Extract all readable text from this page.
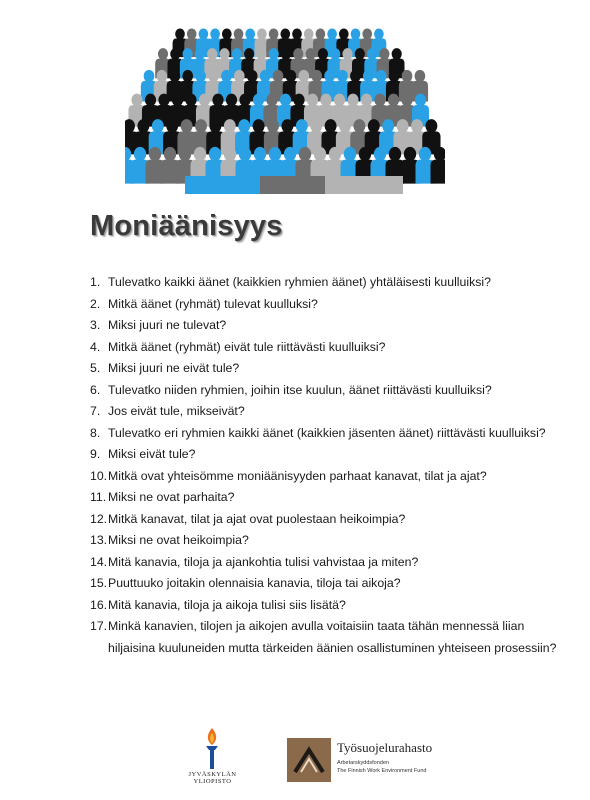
Moniäänisyys
1. Tulevatko kaikki äänet (kaikkien ryhmien äänet) yhtäläisesti kuulluiksi?
2. Mitkä äänet (ryhmät) tulevat kuulluksi?
3. Miksi juuri ne tulevat?
4. Mitkä äänet (ryhmät) eivät tule riittävästi kuulluiksi?
5. Miksi juuri ne eivät tule?
6. Tulevatko niiden ryhmien, joihin itse kuulun, äänet riittävästi kuulluiksi?
7. Jos eivät tule, mikseivät?
8. Tulevatko eri ryhmien kaikki äänet (kaikkien jäsenten äänet) riittävästi kuulluiksi?
9. Miksi eivät tule?
10. Mitkä ovat yhteisömme moniäänisyyden parhaat kanavat, tilat ja ajat?
11. Miksi ne ovat parhaita?
12. Mitkä kanavat, tilat ja ajat ovat puolestaan heikoimpia?
13. Miksi ne ovat heikoimpia?
14. Mitä kanavia, tiloja ja ajankohtia tulisi vahvistaa ja miten?
15. Puuttuuko joitakin olennaisia kanavia, tiloja tai aikoja?
16. Mitä kanavia, tiloja ja aikoja tulisi siis lisätä?
17. Minkä kanavien, tilojen ja aikojen avulla voitaisiin taata tähän mennessä liian hiljaisina kuuluneiden mutta tärkeiden äänien osallistuminen yhteiseen prosessiin?
JYVÄSKYLÄN YLIOPISTO
Työsuojelurahasto
Arbetarskyddsfonden
The Finnish Work Environment Fund
